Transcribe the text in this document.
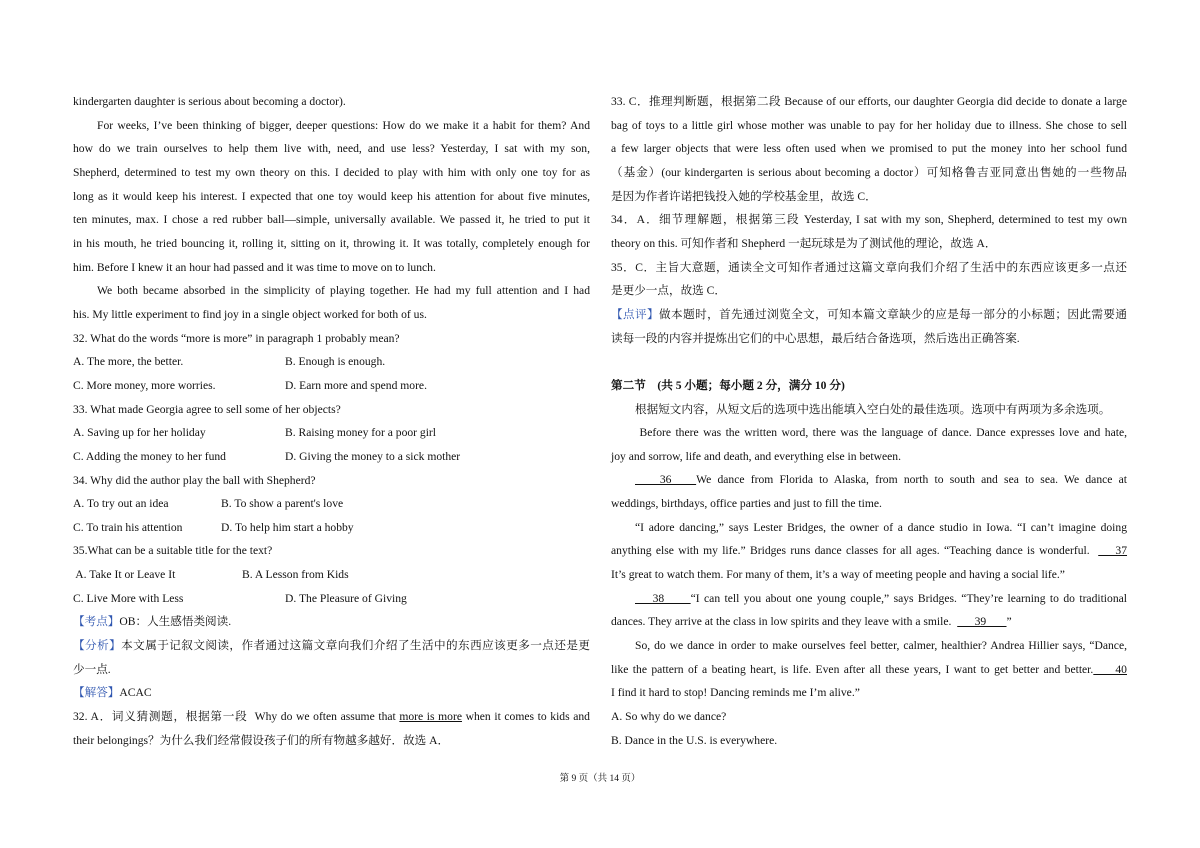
kindergarten daughter is serious about becoming a doctor).
For weeks, I’ve been thinking of bigger, deeper questions: How do we make it a habit for them? And
how do we train ourselves to help them live with, need, and use less? Yesterday, I sat with my son,
Shepherd, determined to test my own theory on this. I decided to play with him with only one toy for as
long as it would keep his interest. I expected that one toy would keep his attention for about five minutes,
ten minutes, max. I chose a red rubber ball—simple, universally available. We passed it, he tried to put it
in his mouth, he tried bouncing it, rolling it, sitting on it, throwing it. It was totally, completely enough for
him. Before I knew it an hour had passed and it was time to move on to lunch.
We both became absorbed in the simplicity of playing together. He had my full attention and I had
his. My little experiment to find joy in a single object worked for both of us.
32. What do the words “more is more” in paragraph 1 probably mean?
A. The more, the better.	B. Enough is enough.
C. More money, more worries.	D. Earn more and spend more.
33. What made Georgia agree to sell some of her objects?
A. Saving up for her holiday	B. Raising money for a poor girl
C. Adding the money to her fund	D. Giving the money to a sick mother
34. Why did the author play the ball with Shepherd?
A. To try out an idea	B. To show a parent's love
C. To train his attention	D. To help him start a hobby
35.What can be a suitable title for the text?
A. Take It or Leave It	B. A Lesson from Kids
C. Live More with Less	D. The Pleasure of Giving
【考点】OB：人生感悟类阅读.
【分析】本文属于记叙文阅读，作者通过这篇文章向我们介绍了生活中的东西应该更多一点还是更
少一点.
【解答】ACAC
32. A．词义猜测题，根据第一段  Why do we often assume that more is more when it comes to kids and
their belongings？为什么我们经常假设孩子们的所有物越多越好．故选 A．
33. C．推理判断题，根据第二段 Because of our efforts, our daughter Georgia did decide to donate a large
bag of toys to a little girl whose mother was unable to pay for her holiday due to illness. She chose to sell
a few larger objects that were less often used when we promised to put the money into her school fund
（基金）(our kindergarten is serious about becoming a doctor）可知格鲁吉亚同意出售她的一些物品
是因为作者许诺把钱投入她的学校基金里，故选 C．
34．A．细节理解题，根据第三段 Yesterday, I sat with my son, Shepherd, determined to test my own
theory on this. 可知作者和 Shepherd 一起玩球是为了测试他的理论，故选 A．
35．C．主旨大意题，通读全文可知作者通过这篇文章向我们介绍了生活中的东西应该更多一点还
是更少一点，故选 C．
【点评】做本题时，首先通过浏览全文，可知本篇文章缺少的应是每一部分的小标题；因此需要通
读每一段的内容并提炼出它们的中心思想，最后结合备选项，然后选出正确答案.
第二节　(共 5 小题；每小题 2 分，满分 10 分)
根据短文内容，从短文后的选项中选出能填入空白处的最佳选项。选项中有两项为多余选项。
Before there was the written word, there was the language of dance. Dance expresses love and hate,
joy and sorrow, life and death, and everything else in between.
36    We dance from Florida to Alaska, from north to south and sea to sea. We dance at
weddings, birthdays, office parties and just to fill the time.
“I adore dancing,” says Lester Bridges, the owner of a dance studio in Iowa. “I can’t imagine doing
anything else with my life.” Bridges runs dance classes for all ages. “Teaching dance is wonderful.      37
It’s great to watch them. For many of them, it’s a way of meeting people and having a social life.”
38      “I can tell you about one young couple,” says Bridges. “They’re learning to do traditional
dances. They arrive at the class in low spirits and they leave with a smile.        39       ”
So, do we dance in order to make ourselves feel better, calmer, healthier? Andrea Hillier says, “Dance,
like the pattern of a beating heart, is life. Even after all these years, I want to get better and better.     40
I find it hard to stop! Dancing reminds me I’m alive.”
A. So why do we dance?
B. Dance in the U.S. is everywhere.
第 9 页（共 14 页）
